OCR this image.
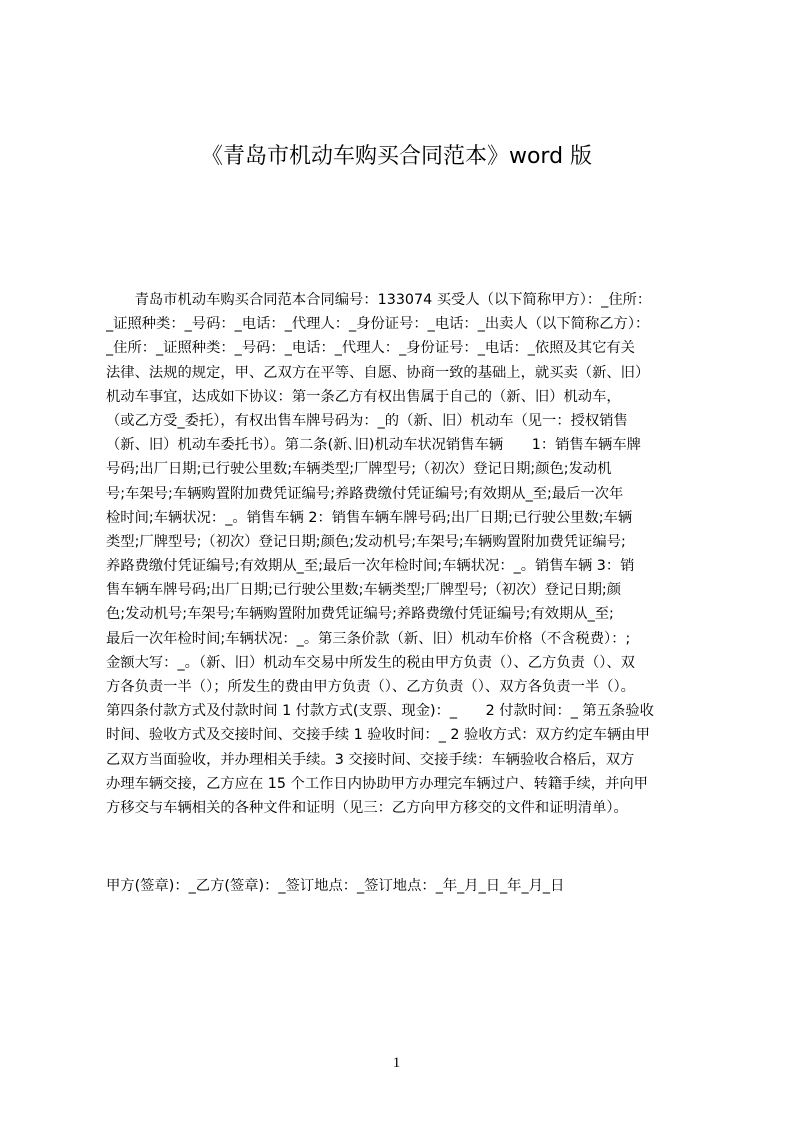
《青岛市机动车购买合同范本》word 版
　　青岛市机动车购买合同范本合同编号：133074 买受人（以下简称甲方）：_住所：
_证照种类：_号码：_电话：_代理人：_身份证号：_电话：_出卖人（以下简称乙方）：
_住所：_证照种类：_号码：_电话：_代理人：_身份证号：_电话：_依照及其它有关
法律、法规的规定，甲、乙双方在平等、自愿、协商一致的基础上，就买卖（新、旧）
机动车事宜，达成如下协议：第一条乙方有权出售属于自己的（新、旧）机动车，
（或乙方受_委托），有权出售车牌号码为：_的（新、旧）机动车（见一：授权销售
（新、旧）机动车委托书）。第二条(新､旧)机动车状况销售车辆　　1：销售车辆车牌
号码;出厂日期;已行驶公里数;车辆类型;厂牌型号;（初次）登记日期;颜色;发动机
号;车架号;车辆购置附加费凭证编号;养路费缴付凭证编号;有效期从_至;最后一次年
检时间;车辆状况：_。销售车辆 2：销售车辆车牌号码;出厂日期;已行驶公里数;车辆
类型;厂牌型号;（初次）登记日期;颜色;发动机号;车架号;车辆购置附加费凭证编号;
养路费缴付凭证编号;有效期从_至;最后一次年检时间;车辆状况：_。销售车辆 3：销
售车辆车牌号码;出厂日期;已行驶公里数;车辆类型;厂牌型号;（初次）登记日期;颜
色;发动机号;车架号;车辆购置附加费凭证编号;养路费缴付凭证编号;有效期从_至;
最后一次年检时间;车辆状况：_。第三条价款（新、旧）机动车价格（不含税费）：;
金额大写：_。（新、旧）机动车交易中所发生的税由甲方负责（）、乙方负责（）、双
方各负责一半（）；所发生的费由甲方负责（）、乙方负责（）、双方各负责一半（）。
第四条付款方式及付款时间 1 付款方式(支票、现金)：_　　2 付款时间：_ 第五条验收
时间、验收方式及交接时间、交接手续 1 验收时间：_ 2 验收方式：双方约定车辆由甲
乙双方当面验收，并办理相关手续。3 交接时间、交接手续：车辆验收合格后，双方
办理车辆交接，乙方应在 15 个工作日内协助甲方办理完车辆过户、转籍手续，并向甲
方移交与车辆相关的各种文件和证明（见三：乙方向甲方移交的文件和证明清单）。
甲方(签章)：_乙方(签章)：_签订地点：_签订地点：_年_月_日_年_月_日
1
